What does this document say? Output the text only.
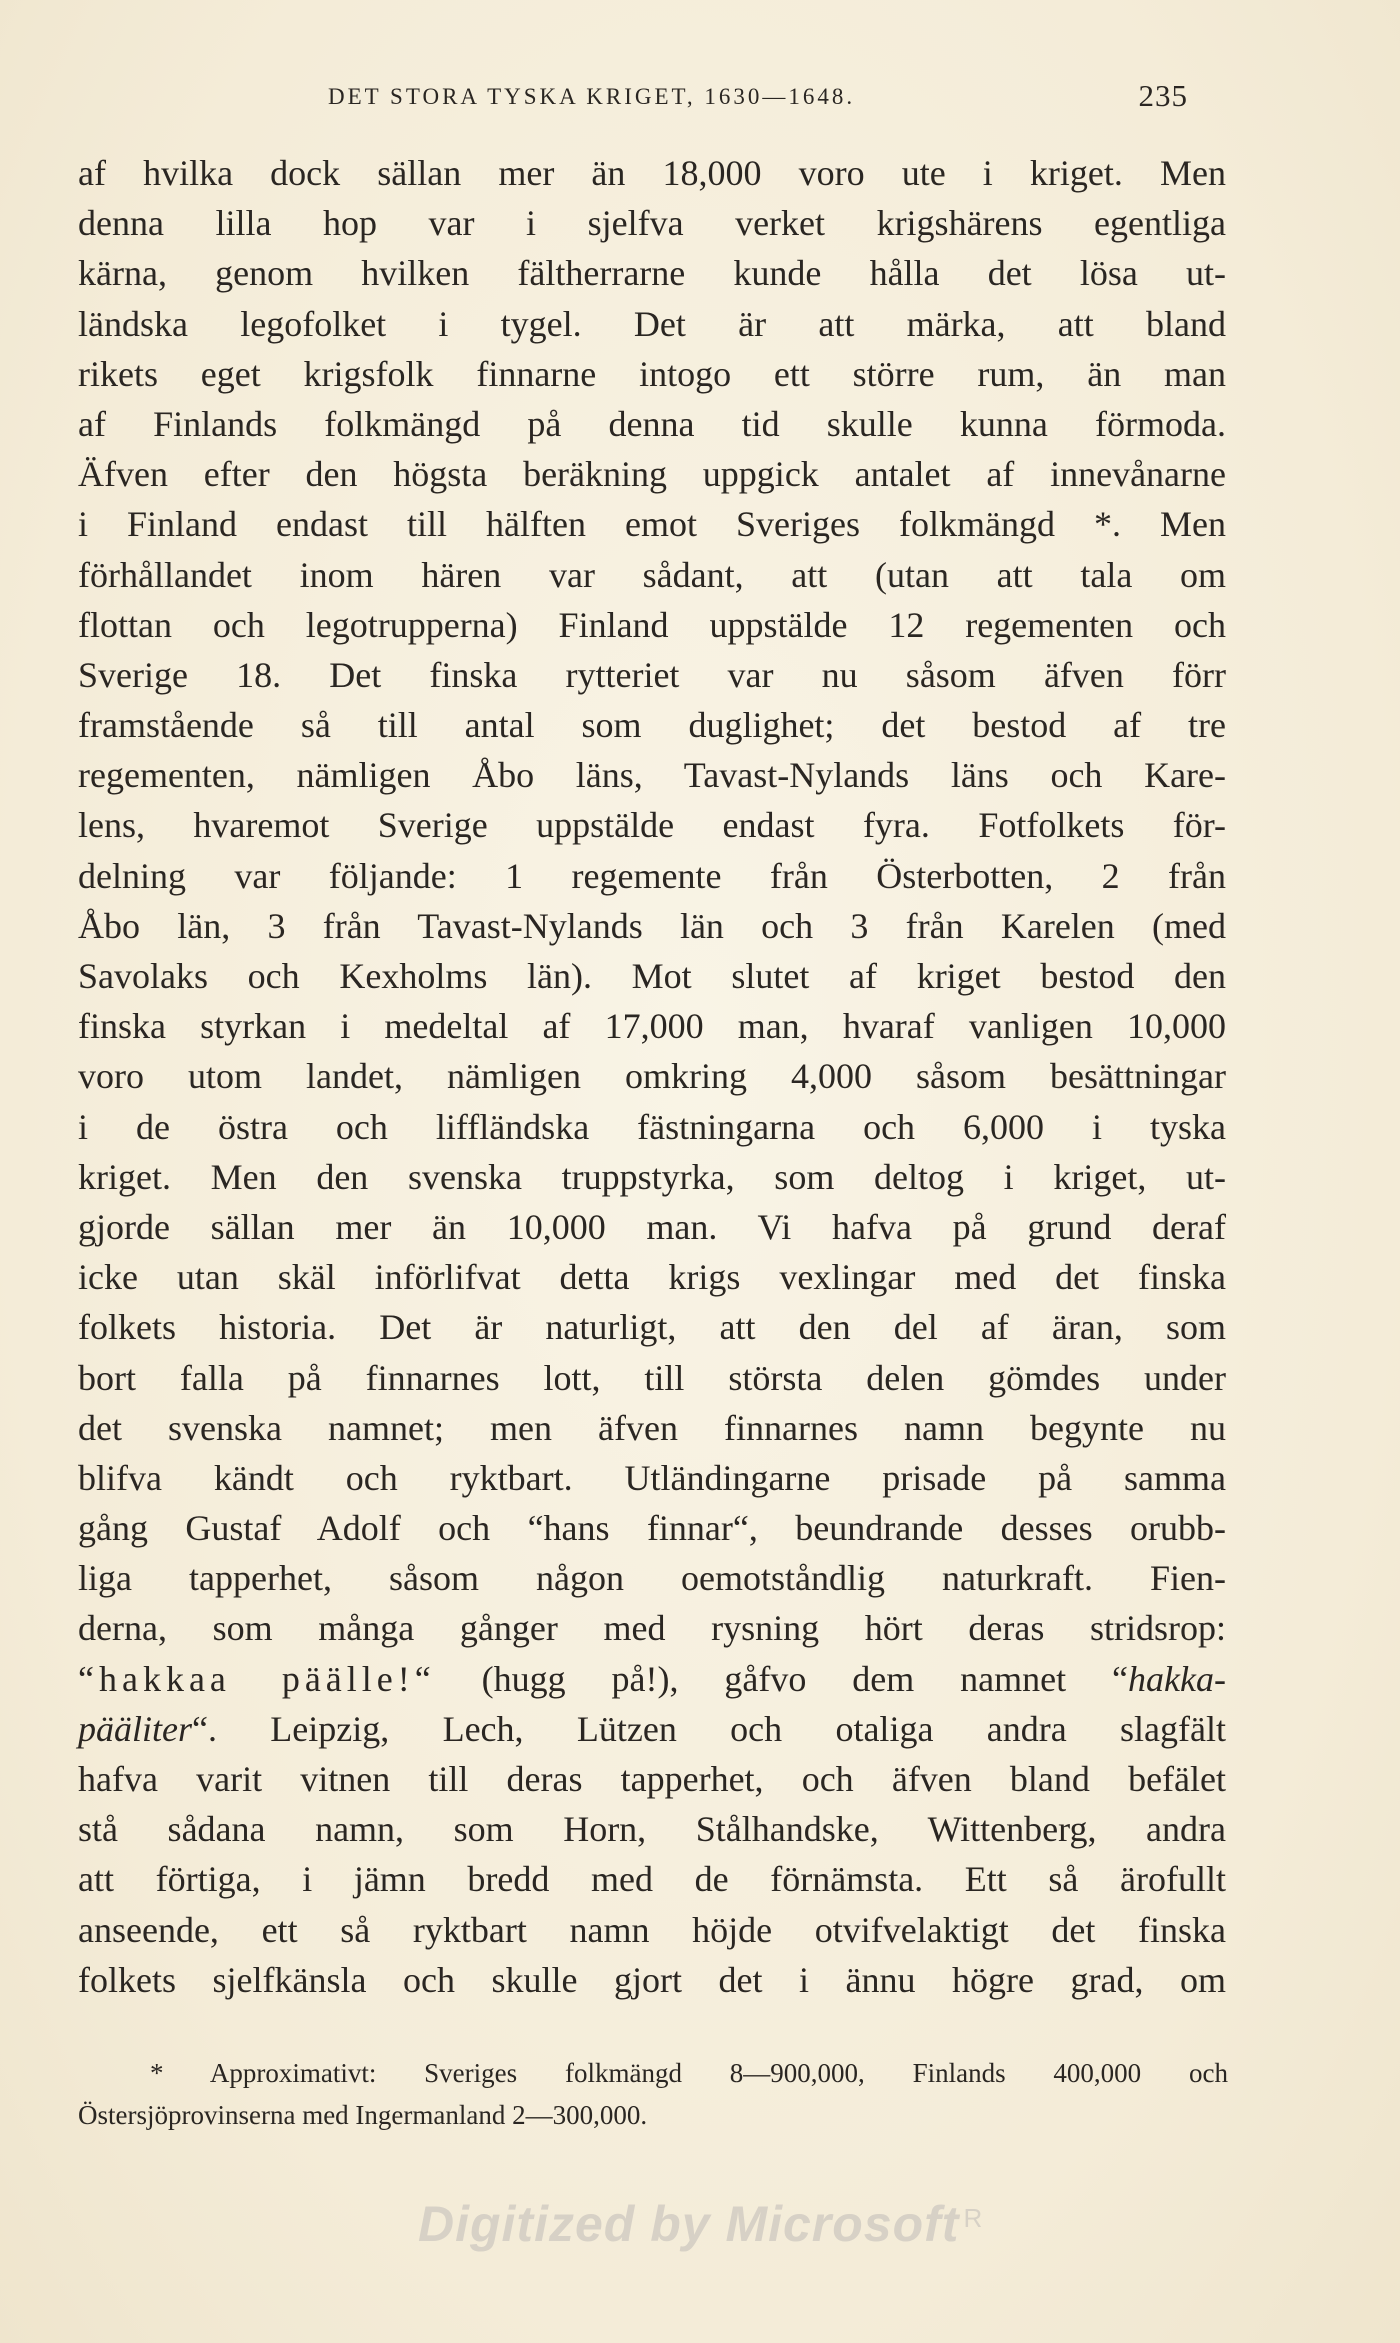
DET STORA TYSKA KRIGET, 1630—1648.	235
af hvilka dock sällan mer än 18,000 voro ute i kriget. Men
denna lilla hop var i sjelfva verket krigshärens egentliga
kärna, genom hvilken fältherrarne kunde hålla det lösa ut-
ländska legofolket i tygel. Det är att märka, att bland
rikets eget krigsfolk finnarne intogo ett större rum, än man
af Finlands folkmängd på denna tid skulle kunna förmoda.
Äfven efter den högsta beräkning uppgick antalet af innevånarne
i Finland endast till hälften emot Sveriges folkmängd *. Men
förhållandet inom hären var sådant, att (utan att tala om
flottan och legotrupperna) Finland uppstälde 12 regementen och
Sverige 18. Det finska rytteriet var nu såsom äfven förr
framstående så till antal som duglighet; det bestod af tre
regementen, nämligen Åbo läns, Tavast-Nylands läns och Kare-
lens, hvaremot Sverige uppstälde endast fyra. Fotfolkets för-
delning var följande: 1 regemente från Österbotten, 2 från
Åbo län, 3 från Tavast-Nylands län och 3 från Karelen (med
Savolaks och Kexholms län). Mot slutet af kriget bestod den
finska styrkan i medeltal af 17,000 man, hvaraf vanligen 10,000
voro utom landet, nämligen omkring 4,000 såsom besättningar
i de östra och liffländska fästningarna och 6,000 i tyska
kriget. Men den svenska truppstyrka, som deltog i kriget, ut-
gjorde sällan mer än 10,000 man. Vi hafva på grund deraf
icke utan skäl införlifvat detta krigs vexlingar med det finska
folkets historia. Det är naturligt, att den del af äran, som
bort falla på finnarnes lott, till största delen gömdes under
det svenska namnet; men äfven finnarnes namn begynte nu
blifva kändt och ryktbart. Utländingarne prisade på samma
gång Gustaf Adolf och “hans finnar“, beundrande desses orubb-
liga tapperhet, såsom någon oemotståndlig naturkraft. Fien-
derna, som många gånger med rysning hört deras stridsrop:
“hakkaa päälle!“ (hugg på!), gåfvo dem namnet “hakka-
pääliter“. Leipzig, Lech, Lützen och otaliga andra slagfält
hafva varit vitnen till deras tapperhet, och äfven bland befälet
stå sådana namn, som Horn, Stålhandske, Wittenberg, andra
att förtiga, i jämn bredd med de förnämsta. Ett så ärofullt
anseende, ett så ryktbart namn höjde otvifvelaktigt det finska
folkets sjelfkänsla och skulle gjort det i ännu högre grad, om
* Approximativt: Sveriges folkmängd 8—900,000, Finlands 400,000 och
Östersjöprovinserna med Ingermanland 2—300,000.
Digitized by Microsoft $^R$
